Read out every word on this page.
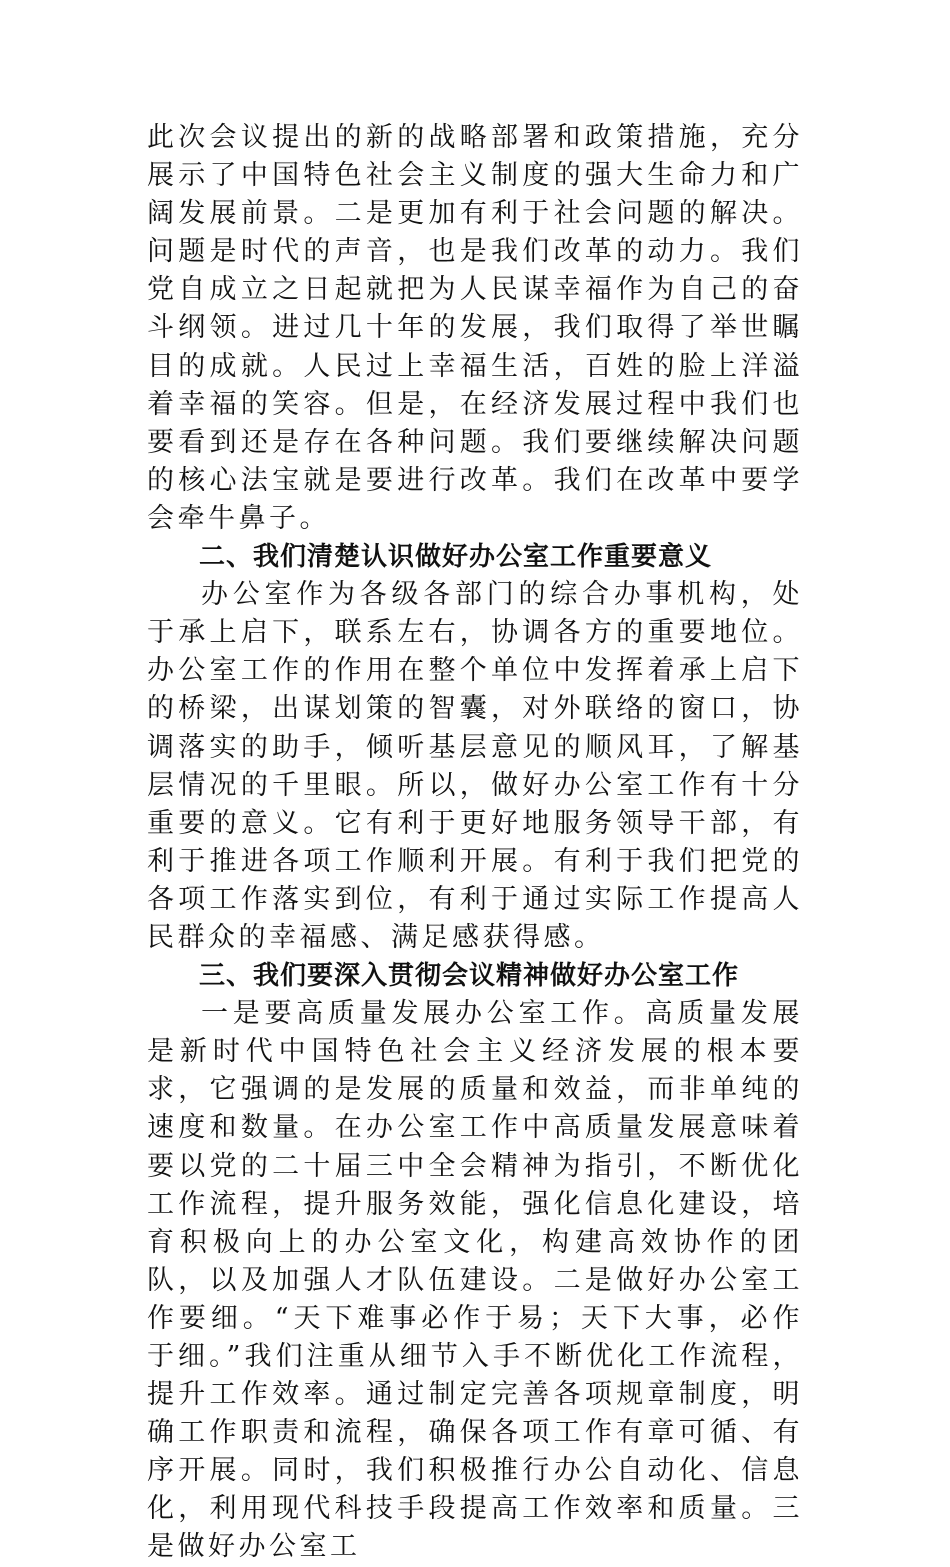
此次会议提出的新的战略部署和政策措施，充分展示了中国特色社会主义制度的强大生命力和广阔发展前景。二是更加有利于社会问题的解决。问题是时代的声音，也是我们改革的动力。我们党自成立之日起就把为人民谋幸福作为自己的奋斗纲领。进过几十年的发展，我们取得了举世瞩目的成就。人民过上幸福生活，百姓的脸上洋溢着幸福的笑容。但是，在经济发展过程中我们也要看到还是存在各种问题。我们要继续解决问题的核心法宝就是要进行改革。我们在改革中要学会牵牛鼻子。

二、我们清楚认识做好办公室工作重要意义

办公室作为各级各部门的综合办事机构，处于承上启下，联系左右，协调各方的重要地位。办公室工作的作用在整个单位中发挥着承上启下的桥梁，出谋划策的智囊，对外联络的窗口，协调落实的助手，倾听基层意见的顺风耳，了解基层情况的千里眼。所以，做好办公室工作有十分重要的意义。它有利于更好地服务领导干部，有利于推进各项工作顺利开展。有利于我们把党的各项工作落实到位，有利于通过实际工作提高人民群众的幸福感、满足感获得感。

三、我们要深入贯彻会议精神做好办公室工作

一是要高质量发展办公室工作。高质量发展是新时代中国特色社会主义经济发展的根本要求，它强调的是发展的质量和效益，而非单纯的速度和数量。在办公室工作中高质量发展意味着要以党的二十届三中全会精神为指引，不断优化工作流程，提升服务效能，强化信息化建设，培育积极向上的办公室文化，构建高效协作的团队，以及加强人才队伍建设。二是做好办公室工作要细。“天下难事必作于易；天下大事，必作于细。”我们注重从细节入手不断优化工作流程，提升工作效率。通过制定完善各项规章制度，明确工作职责和流程，确保各项工作有章可循、有序开展。同时，我们积极推行办公自动化、信息化，利用现代科技手段提高工作效率和质量。三是做好办公室工
